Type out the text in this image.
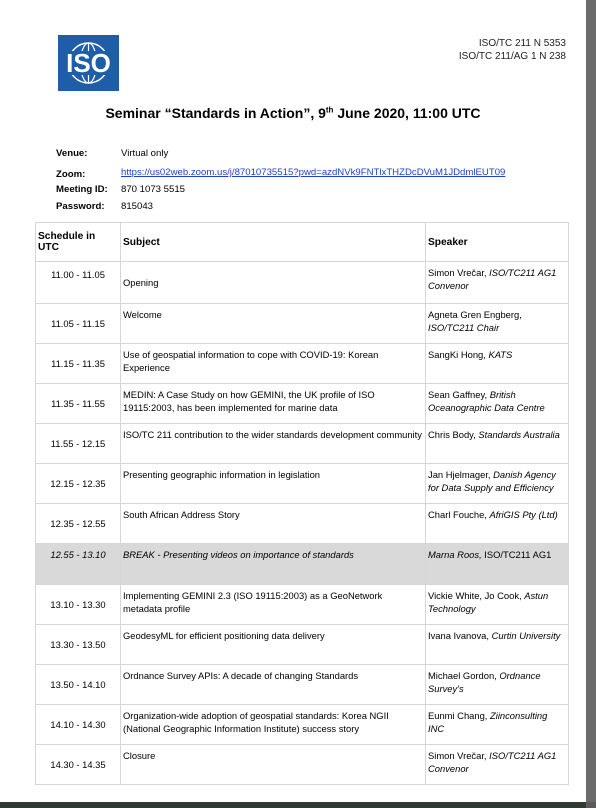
ISO
ISO/TC 211 N 5353
ISO/TC 211/AG 1 N 238
Seminar “Standards in Action”, 9th June 2020, 11:00 UTC
Venue:	Virtual only
Zoom:	https://us02web.zoom.us/j/87010735515?pwd=azdNVk9FNTlxTHZDcDVuM1JDdmlEUT09
Meeting ID: 870 1073 5515
Password: 815043
Schedule in UTC	Subject	Speaker
11.00 - 11.05	Opening	Simon Vrečar, ISO/TC211 AG1 Convenor
11.05 - 11.15	Welcome	Agneta Gren Engberg, ISO/TC211 Chair
11.15 - 11.35	Use of geospatial information to cope with COVID-19: Korean Experience	SangKi Hong, KATS
11.35 - 11.55	MEDIN: A Case Study on how GEMINI, the UK profile of ISO 19115:2003, has been implemented for marine data	Sean Gaffney, British Oceanographic Data Centre
11.55 - 12.15	ISO/TC 211 contribution to the wider standards development community	Chris Body, Standards Australia
12.15 - 12.35	Presenting geographic information in legislation	Jan Hjelmager, Danish Agency for Data Supply and Efficiency
12.35 - 12.55	South African Address Story	Charl Fouche, AfriGIS Pty (Ltd)
12.55 - 13.10	BREAK - Presenting videos on importance of standards	Marna Roos, ISO/TC211 AG1
13.10 - 13.30	Implementing GEMINI 2.3 (ISO 19115:2003) as a GeoNetwork metadata profile	Vickie White, Jo Cook, Astun Technology
13.30 - 13.50	GeodesyML for efficient positioning data delivery	Ivana Ivanova, Curtin University
13.50 - 14.10	Ordnance Survey APIs: A decade of changing Standards	Michael Gordon, Ordnance Survey's
14.10 - 14.30	Organization-wide adoption of geospatial standards: Korea NGII (National Geographic Information Institute) success story	Eunmi Chang, Ziinconsulting INC
14.30 - 14.35	Closure	Simon Vrečar, ISO/TC211 AG1 Convenor
